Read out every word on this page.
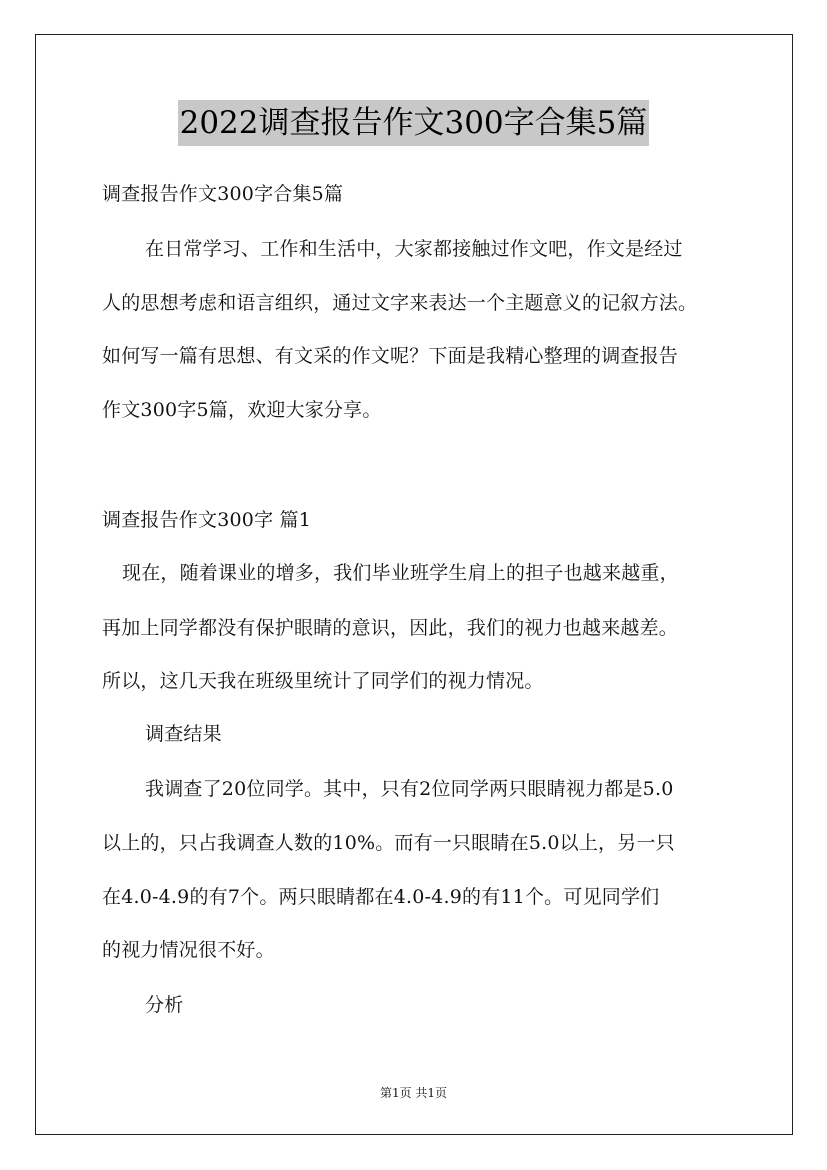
2022调查报告作文300字合集5篇
调查报告作文300字合集5篇
在日常学习、工作和生活中，大家都接触过作文吧，作文是经过
人的思想考虑和语言组织，通过文字来表达一个主题意义的记叙方法。
如何写一篇有思想、有文采的作文呢？下面是我精心整理的调查报告
作文300字5篇，欢迎大家分享。
调查报告作文300字 篇1
现在，随着课业的增多，我们毕业班学生肩上的担子也越来越重，
再加上同学都没有保护眼睛的意识，因此，我们的视力也越来越差。
所以，这几天我在班级里统计了同学们的视力情况。
调查结果
我调查了20位同学。其中，只有2位同学两只眼睛视力都是5.0
以上的，只占我调查人数的10%。而有一只眼睛在5.0以上，另一只
在4.0-4.9的有7个。两只眼睛都在4.0-4.9的有11个。可见同学们
的视力情况很不好。
分析
第1页 共1页
